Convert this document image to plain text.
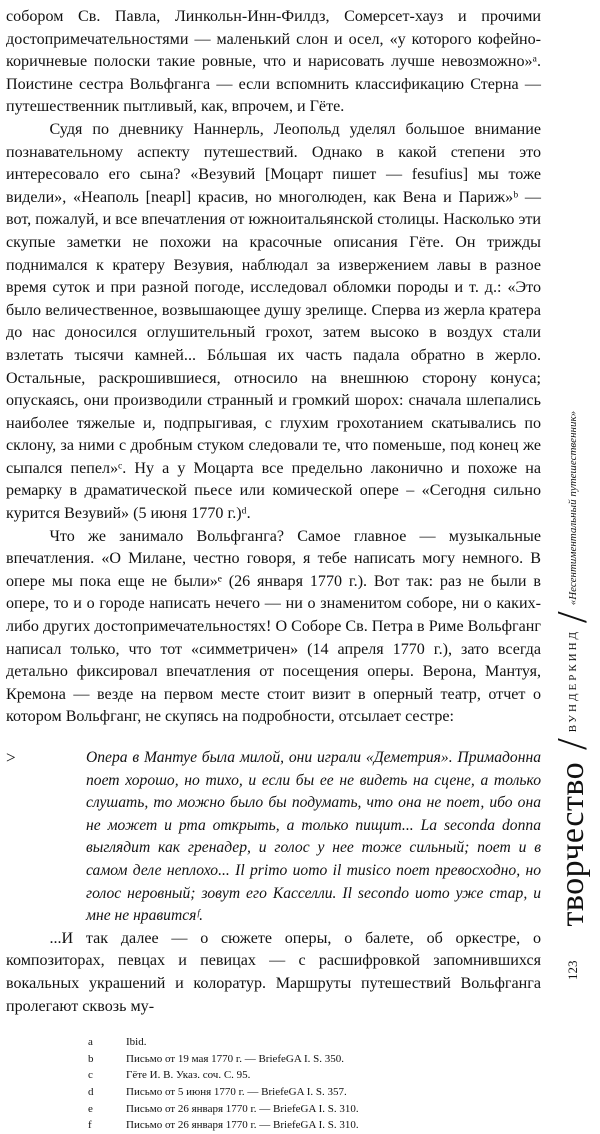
собором Св. Павла, Линкольн-Инн-Филдз, Сомерсет-хауз и прочими достопримечательностями — маленький слон и осел, «у которого кофейно-коричневые полоски такие ровные, что и нарисовать лучше невозможно»ᵃ. Поистине сестра Вольфганга — если вспомнить классификацию Стерна — путешественник пытливый, как, впрочем, и Гёте.

Судя по дневнику Наннерль, Леопольд уделял большое внимание познавательному аспекту путешествий. Однако в какой степени это интересовало его сына? «Везувий [Моцарт пишет — fesufius] мы тоже видели», «Неаполь [neapl] красив, но многолюден, как Вена и Париж»ᵇ — вот, пожалуй, и все впечатления от южноитальянской столицы. Насколько эти скупые заметки не похожи на красочные описания Гёте. Он трижды поднимался к кратеру Везувия, наблюдал за извержением лавы в разное время суток и при разной погоде, исследовал обломки породы и т. д.: «Это было величественное, возвышающее душу зрелище. Сперва из жерла кратера до нас доносился оглушительный грохот, затем высоко в воздух стали взлетать тысячи камней... Бóльшая их часть падала обратно в жерло. Остальные, раскрошившиеся, относило на внешнюю сторону конуса; опускаясь, они производили странный и громкий шорох: сначала шлепались наиболее тяжелые и, подпрыгивая, с глухим грохотанием скатывались по склону, за ними с дробным стуком следовали те, что поменьше, под конец же сыпался пепел»ᶜ. Ну а у Моцарта все предельно лаконично и похоже на ремарку в драматической пьесе или комической опере – «Сегодня сильно курится Везувий» (5 июня 1770 г.)ᵈ.

Что же занимало Вольфганга? Самое главное — музыкальные впечатления. «О Милане, честно говоря, я тебе написать могу немного. В опере мы пока еще не были»ᵉ (26 января 1770 г.). Вот так: раз не были в опере, то и о городе написать нечего — ни о знаменитом соборе, ни о каких-либо других достопримечательностях! О Соборе Св. Петра в Риме Вольфганг написал только, что тот «симметричен» (14 апреля 1770 г.), зато всегда детально фиксировал впечатления от посещения оперы. Верона, Мантуя, Кремона — везде на первом месте стоит визит в оперный театр, отчет о котором Вольфганг, не скупясь на подробности, отсылает сестре:

>	Опера в Мантуе была милой, они играли «Деметрия». Примадонна поет хорошо, но тихо, и если бы ее не видеть на сцене, а только слушать, то можно было бы подумать, что она не поет, ибо она не может и рта открыть, а только пищит... La seconda donna выглядит как гренадер, и голос у нее тоже сильный; поет и в самом деле неплохо... Il primo иото il musico поет превосходно, но голос неровный; зовут его Касселли. Il secondo иото уже стар, и мне не нравитсяᶠ.

...И так далее — о сюжете оперы, о балете, об оркестре, о композиторах, певцах и певицах — с расшифровкой запомнившихся вокальных украшений и колоратур. Маршруты путешествий Вольфганга пролегают сквозь му-

a	Ibid.
b	Письмо от 19 мая 1770 г. — BriefeGA I. S. 350.
c	Гёте И. В. Указ. соч. С. 95.
d	Письмо от 5 июня 1770 г. — BriefeGA I. S. 357.
e	Письмо от 26 января 1770 г. — BriefeGA I. S. 310.
f	Письмо от 26 января 1770 г. — BriefeGA I. S. 310.
123
творчество
/
ВУНДЕРКИНД
/
«Несентиментальный путешественник»
